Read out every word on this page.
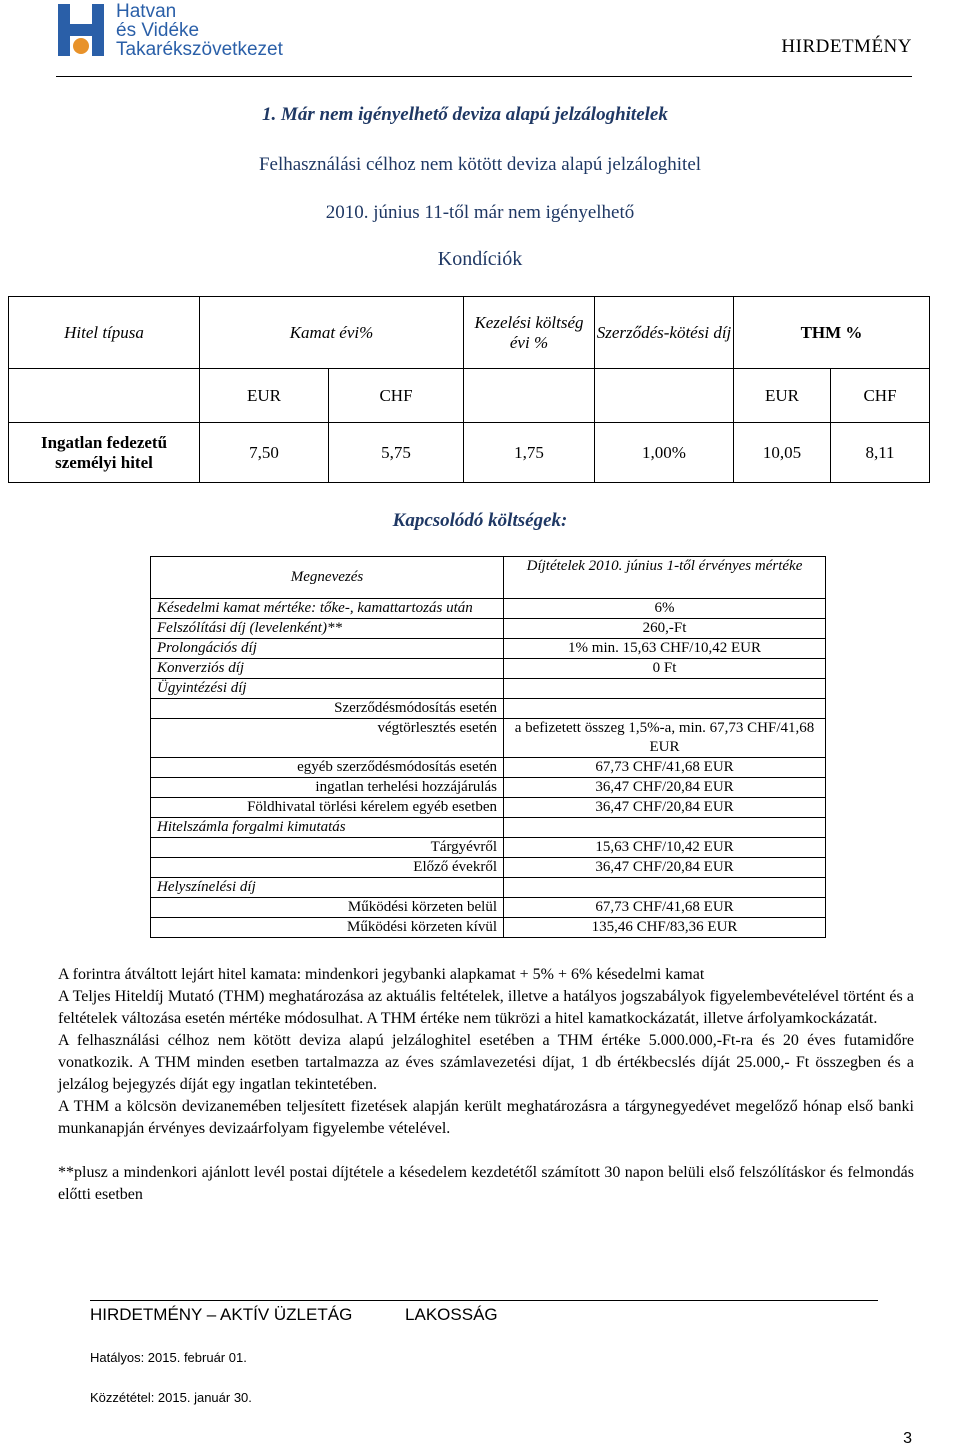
Hatvan
és Vidéke
Takarékszövetkezet	HIRDETMÉNY
1. Már nem igényelhető deviza alapú jelzáloghitelek
Felhasználási célhoz nem kötött deviza alapú jelzáloghitel
2010. június 11-től már nem igényelhető
Kondíciók
Hitel típusa	Kamat évi%		Kezelési költség évi %	Szerződés-kötési díj	THM %	
	EUR	CHF			EUR	CHF
Ingatlan fedezetű személyi hitel	7,50	5,75	1,75	1,00%	10,05	8,11
Kapcsolódó költségek:
Megnevezés	Díjtételek 2010. június 1-től érvényes mértéke
Késedelmi kamat mértéke: tőke-, kamattartozás után	6%
Felszólítási díj (levelenként)**	260,-Ft
Prolongációs díj	1% min. 15,63 CHF/10,42 EUR
Konverziós díj	0 Ft
Ügyintézési díj	
Szerződésmódosítás esetén	
végtörlesztés esetén	a befizetett összeg 1,5%-a, min. 67,73 CHF/41,68 EUR
egyéb szerződésmódosítás esetén	67,73 CHF/41,68 EUR
ingatlan terhelési hozzájárulás	36,47 CHF/20,84 EUR
Földhivatal törlési kérelem egyéb esetben	36,47 CHF/20,84 EUR
Hitelszámla forgalmi kimutatás	
Tárgyévről	15,63 CHF/10,42 EUR
Előző évekről	36,47 CHF/20,84 EUR
Helyszínelési díj	
Működési körzeten belül	67,73 CHF/41,68 EUR
Működési körzeten kívül	135,46 CHF/83,36 EUR

A forintra átváltott lejárt hitel kamata: mindenkori jegybanki alapkamat + 5% + 6% késedelmi kamat

A Teljes Hiteldíj Mutató (THM) meghatározása az aktuális feltételek, illetve a hatályos jogszabályok figyelembevételével történt és a feltételek változása esetén mértéke módosulhat. A THM értéke nem tükrözi a hitel kamatkockázatát, illetve árfolyamkockázatát.

A felhasználási célhoz nem kötött deviza alapú jelzáloghitel esetében a THM értéke 5.000.000,-Ft-ra és 20 éves futamidőre vonatkozik. A THM minden esetben tartalmazza az éves számlavezetési díjat, 1 db értékbecslés díját 25.000,- Ft összegben és a jelzálog bejegyzés díját egy ingatlan tekintetében.

A THM a kölcsön devizanemében teljesített fizetések alapján került meghatározásra a tárgynegyedévet megelőző hónap első banki munkanapján érvényes devizaárfolyam figyelembe vételével.

**plusz a mindenkori ajánlott levél postai díjtétele a késedelem kezdetétől számított 30 napon belüli első felszólításkor és felmondás előtti esetben

HIRDETMÉNY – AKTÍV ÜZLETÁG	LAKOSSÁG
Hatályos: 2015. február 01.
Közzététel: 2015. január 30.
3
